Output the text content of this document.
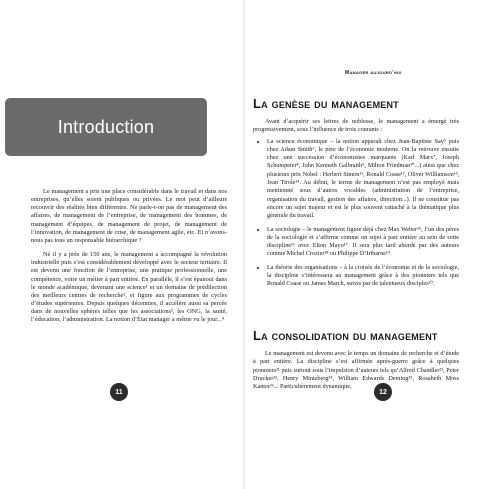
Introduction

Le management a pris une place considérable dans le travail et dans nos entreprises, qu’elles soient publiques ou privées. Le mot peut d’ailleurs recouvrir des réalités bien différentes. Ne parle-t-on pas de management des affaires, de management de l’entreprise, de management des hommes, de management d’équipes, de management de projet, de management de l’innovation, de management de crise, de management agile, etc. Et n’avons-nous pas tous un responsable hiérarchique ?

Né il y a près de 150 ans, le management a accompagné la révolution industrielle puis s’est considérablement développé avec le secteur tertiaire. Il est devenu une fonction de l’entreprise, une pratique professionnelle, une compétence, voire un métier à part entière. En parallèle, il s’est épanoui dans le monde académique, devenant une science¹ et un domaine de prédilection des meilleurs centres de recherche², et figure aux programmes de cycles d’études supérieures. Depuis quelques décennies, il accélère aussi sa percée dans de nouvelles sphères telles que les associations³, les ONG, la santé, l’éducation, l’administration. La notion d’État manager a même vu le jour...⁴

11
Manager aujourd’hui
La genèse du management

Avant d’acquérir ses lettres de noblesse, le management a émergé très progressivement, sous l’influence de trois courants :

• La science économique – la notion apparaît chez Jean-Baptiste Say⁵ puis chez Adam Smith⁶, le père de l’économie moderne. On la retrouve ensuite chez une succession d’économistes marquants (Karl Marx⁷, Joseph Schumpeter⁸, John Kenneth Galbraith⁹, Milton Friedman¹⁰...) ainsi que chez plusieurs prix Nobel : Herbert Simon¹¹, Ronald Coase¹², Oliver Williamson¹³, Jean Tirole¹⁴. Au début, le terme de management n’est pas employé mais mentionné sous d’autres vocables (administration de l’entreprise, organisation du travail, gestion des affaires, direction...). Il ne constitue pas encore un sujet majeur et est le plus souvent rattaché à la thématique plus générale du travail.
• La sociologie – le management figure déjà chez Max Weber¹⁵, l’un des pères de la sociologie et s’affirme comme un sujet à part entière au sein de cette discipline¹⁶ avec Elton Mayo¹⁷. Il sera plus tard abordé par des auteurs comme Michel Crozier¹⁸ ou Philippe D’Iribarne¹⁹.
• La théorie des organisations – à la croisée de l’économie et de la sociologie, la discipline s’intéressera au management grâce à des pionniers tels que Ronald Coase ou James March, suivis par de talentueux disciples²⁰.
La consolidation du management

Le management est devenu avec le temps un domaine de recherche et d’étude à part entière. La discipline s’est affirmée après-guerre grâce à quelques pionniers²¹ puis surtout sous l’impulsion d’auteurs tels qu’Alfred Chandler²², Peter Drucker²³, Henry Mintzberg²⁴, William Edwards Deming²⁵, Rosabeth Moss Kanter²⁶... Particulièrement dynamique,

12
